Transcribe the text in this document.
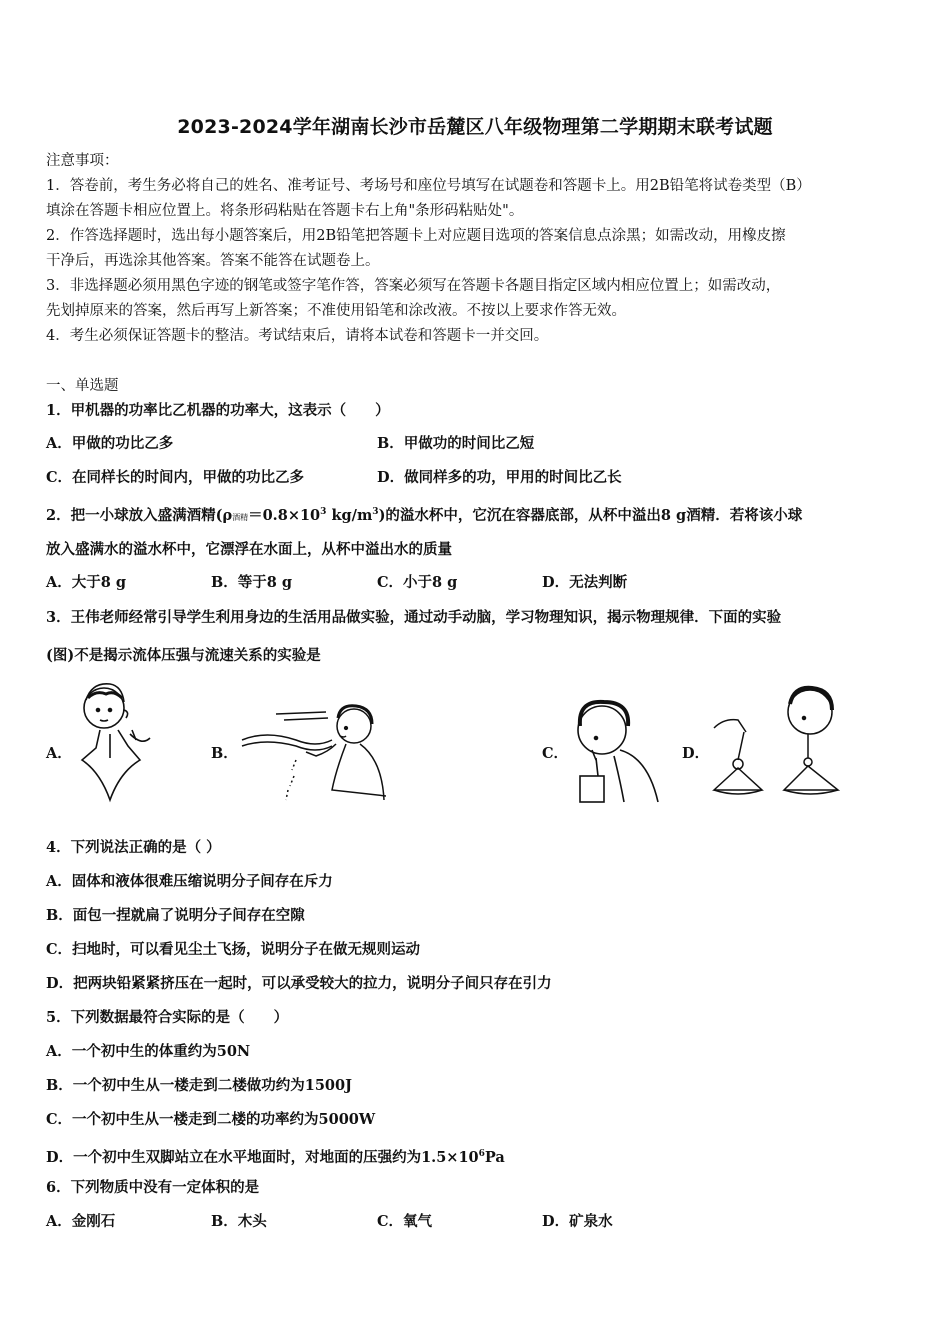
2023-2024学年湖南长沙市岳麓区八年级物理第二学期期末联考试题
注意事项：
1．答卷前，考生务必将自己的姓名、准考证号、考场号和座位号填写在试题卷和答题卡上。用2B铅笔将试卷类型（B）
填涂在答题卡相应位置上。将条形码粘贴在答题卡右上角"条形码粘贴处"。
2．作答选择题时，选出每小题答案后，用2B铅笔把答题卡上对应题目选项的答案信息点涂黑；如需改动，用橡皮擦
干净后，再选涂其他答案。答案不能答在试题卷上。
3．非选择题必须用黑色字迹的钢笔或签字笔作答，答案必须写在答题卡各题目指定区域内相应位置上；如需改动，
先划掉原来的答案，然后再写上新答案；不准使用铅笔和涂改液。不按以上要求作答无效。
4．考生必须保证答题卡的整洁。考试结束后，请将本试卷和答题卡一并交回。
一、单选题
1．甲机器的功率比乙机器的功率大，这表示（　　）
A．甲做的功比乙多	B．甲做功的时间比乙短
C．在同样长的时间内，甲做的功比乙多	D．做同样多的功，甲用的时间比乙长
2．把一小球放入盛满酒精(ρ酒精$=0.8\times 10^3$ $kg/m^3$)的溢水杯中，它沉在容器底部，从杯中溢出8 g酒精．若将该小球
放入盛满水的溢水杯中，它漂浮在水面上，从杯中溢出水的质量
A．大于8 g	B．等于8 g	C．小于8 g	D．无法判断
3．王伟老师经常引导学生利用身边的生活用品做实验，通过动手动脑，学习物理知识，揭示物理规律．下面的实验
(图)不是揭示流体压强与流速关系的实验是
A．	B．	C．	D．
4．下列说法正确的是（ ）
A．固体和液体很难压缩说明分子间存在斥力
B．面包一捏就扁了说明分子间存在空隙
C．扫地时，可以看见尘土飞扬，说明分子在做无规则运动
D．把两块铅紧紧挤压在一起时，可以承受较大的拉力，说明分子间只存在引力
5．下列数据最符合实际的是（　　）
A．一个初中生的体重约为50N
B．一个初中生从一楼走到二楼做功约为1500J
C．一个初中生从一楼走到二楼的功率约为5000W
D．一个初中生双脚站立在水平地面时，对地面的压强约为$1.5\times 10^6Pa$
6．下列物质中没有一定体积的是
A．金刚石	B．木头	C．氧气	D．矿泉水
